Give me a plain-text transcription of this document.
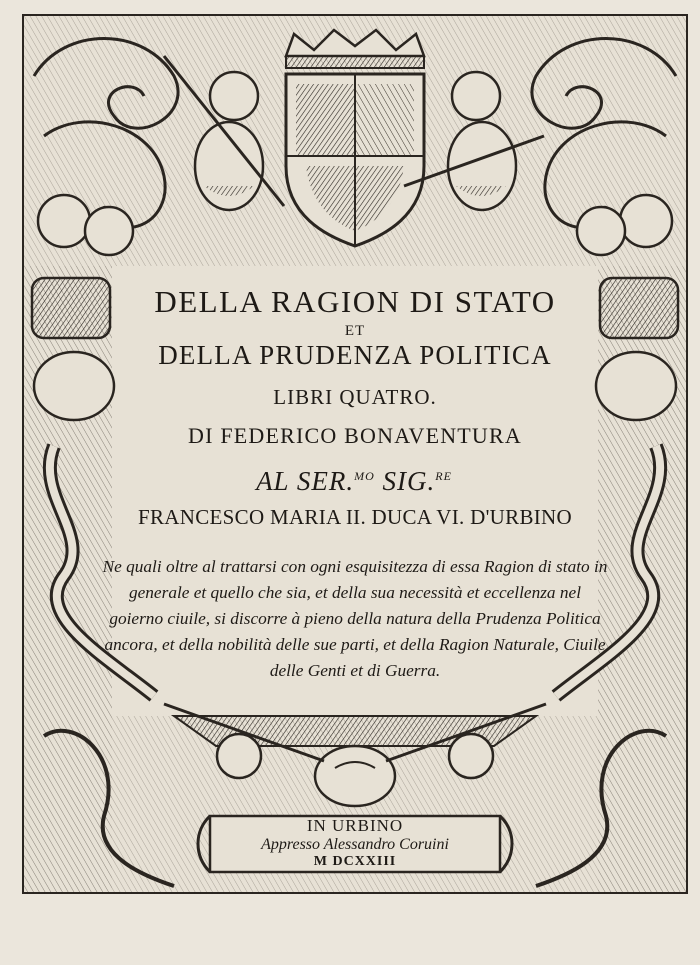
DELLA RAGION DI STATO

ET

DELLA PRUDENZA POLITICA

LIBRI QUATRO.

DI FEDERICO BONAVENTURA

AL SER.$^{MO}$ SIG.$^{RE}$

FRANCESCO MARIA II. DUCA VI. D'URBINO

Ne quali oltre al trattarsi con ogni esquisitezza di essa Ragion di stato in generale et quello che sia, et della sua necessità et eccellenza nel goierno ciuile, si discorre à pieno della natura della Prudenza Politica ancora, et della nobilità delle sue parti, et della Ragion Naturale, Ciuile delle Genti et di Guerra.

IN URBINO

Appresso Alessandro Coruini

M DCXXIII
